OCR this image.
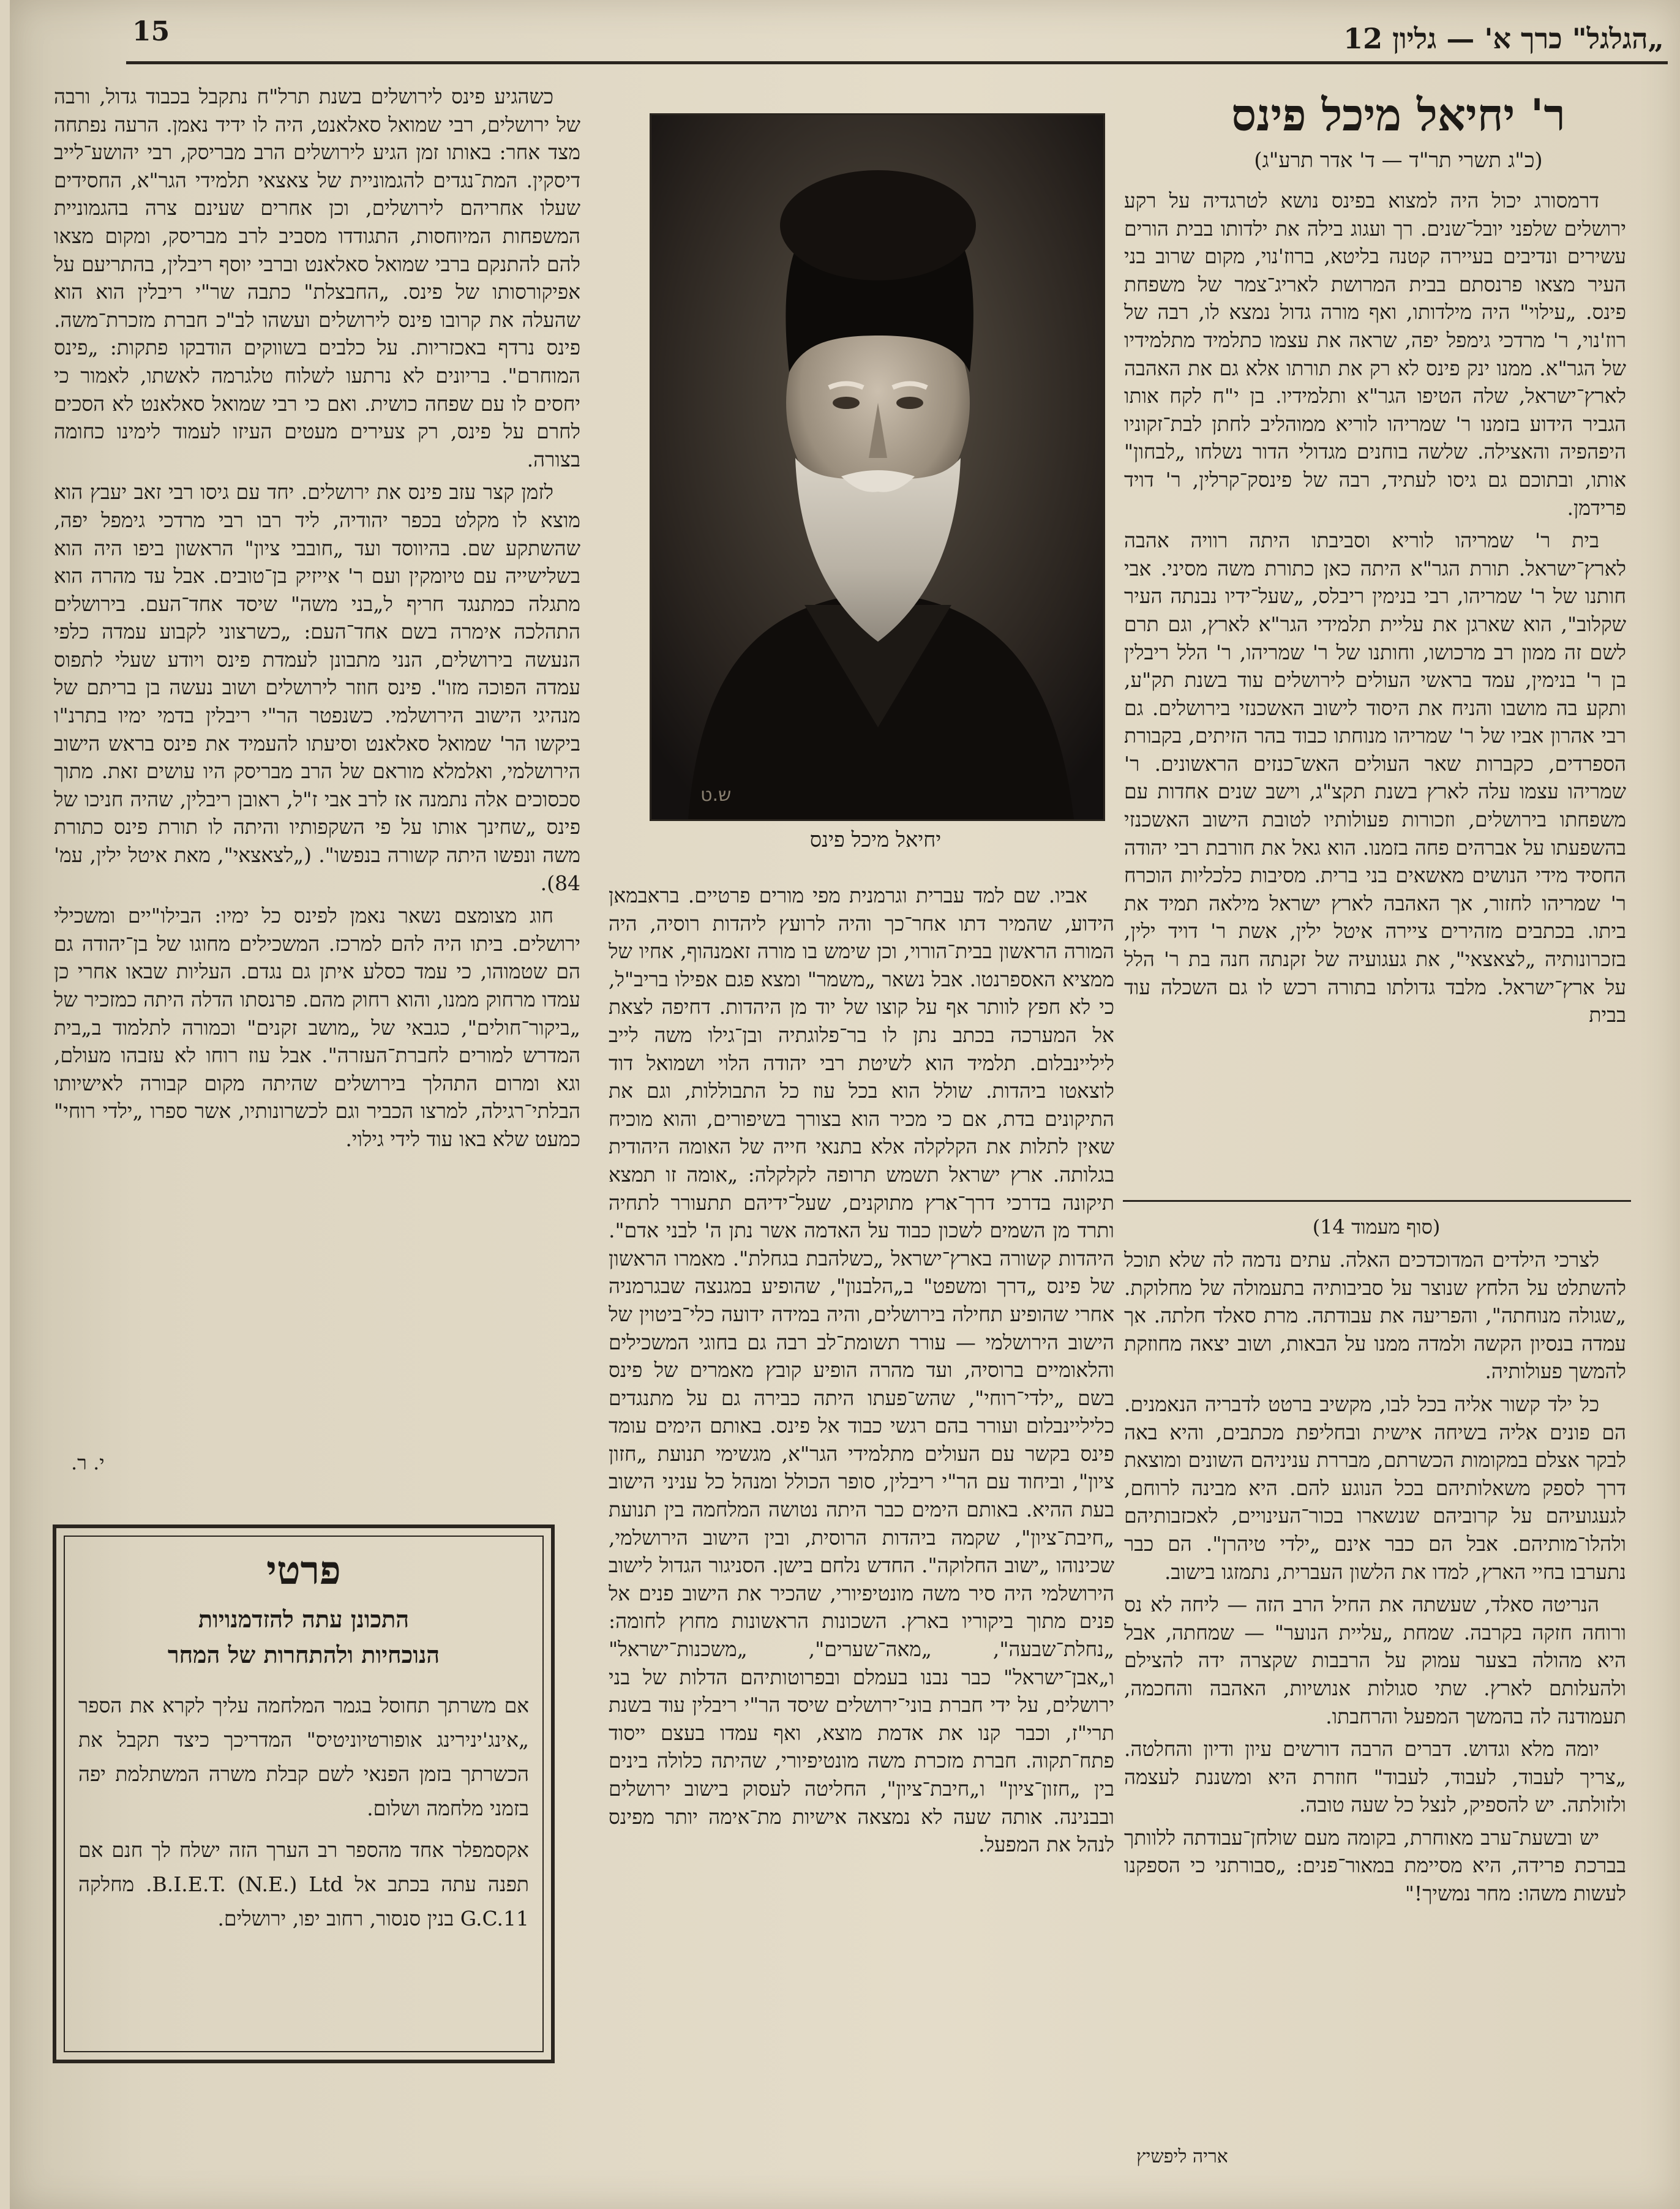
„הגלגל" כרך א' — גליון 12
15
ר' יחיאל מיכל פינס
(כ"ג תשרי תר"ד — ד' אדר תרע"ג)

דרמסורג יכול היה למצוא בפינס נושא לטרגדיה על רקע ירושלים שלפני יובל־שנים. רך ועגוג בילה את ילדותו בבית הורים עשירים ונדיבים בעיירה קטנה בליטא, ברוז'נוי, מקום שרוב בני העיר מצאו פרנסתם בבית המרושת לאריג־צמר של משפחת פינס. „עילוי" היה מילדותו, ואף מורה גדול נמצא לו, רבה של רוז'נוי, ר' מרדכי גימפל יפה, שראה את עצמו כתלמיד מתלמידיו של הגר"א. ממנו ינק פינס לא רק את תורתו אלא גם את האהבה לארץ־ישראל, שלה הטיפו הגר"א ותלמידיו. בן י"ח לקח אותו הגביר הידוע בזמנו ר' שמריהו לוריא ממוהליב לחתן לבת־זקוניו היפהפיה והאצילה. שלשה בוחנים מגדולי הדור נשלחו „לבחון" אותו, ובתוכם גם גיסו לעתיד, רבה של פינסק־קרלין, ר' דויד פרידמן.

בית ר' שמריהו לוריא וסביבתו היתה רוויה אהבה לארץ־ישראל. תורת הגר"א היתה כאן כתורת משה מסיני. אבי חותנו של ר' שמריהו, רבי בנימין ריבלס, „שעל־ידיו נבנתה העיר שקלוב", הוא שארגן את עליית תלמידי הגר"א לארץ, וגם תרם לשם זה ממון רב מרכושו, וחותנו של ר' שמריהו, ר' הלל ריבלין בן ר' בנימין, עמד בראשי העולים לירושלים עוד בשנת תק"ע, ותקע בה מושבו והניח את היסוד לישוב האשכנזי בירושלים. גם רבי אהרון אביו של ר' שמריהו מנוחתו כבוד בהר הזיתים, בקבורת הספרדים, כקברות שאר העולים האש־כנזים הראשונים. ר' שמריהו עצמו עלה לארץ בשנת תקצ"ג, וישב שנים אחדות עם משפחתו בירושלים, וזכורות פעולותיו לטובת הישוב האשכנזי בהשפעתו על אברהים פחה בזמנו. הוא גאל את חורבת רבי יהודה החסיד מידי הנושים מאשאים בני ברית. מסיבות כלכליות הוכרח ר' שמריהו לחזור, אך האהבה לארץ ישראל מילאה תמיד את ביתו. בכתבים מזהירים ציירה איטל ילין, אשת ר' דויד ילין, בזכרונותיה „לצאצאי", את געגועיה של זקנתה חנה בת ר' הלל על ארץ־ישראל. מלבד גדולתו בתורה רכש לו גם השכלה עוד בבית

(סוף מעמוד 14)

לצרכי הילדים המדוכדכים האלה. עתים נדמה לה שלא תוכל להשתלט על הלחץ שנוצר על סביבותיה בתעמולה של מחלוקת. „שגולה מנוחתה", והפריעה את עבודתה. מרת סאלד חלתה. אך עמדה בנסיון הקשה ולמדה ממנו על הבאות, ושוב יצאה מחוזקת להמשך פעולותיה.

כל ילד קשור אליה בכל לבו, מקשיב ברטט לדבריה הנאמנים. הם פונים אליה בשיחה אישית ובחליפת מכתבים, והיא באה לבקר אצלם במקומות הכשרתם, מבררת עניניהם השונים ומוצאת דרך לספק משאלותיהם בכל הנוגע להם. היא מבינה לרוחם, לגעגועיהם על קרוביהם שנשארו בכור־העינויים, לאכזבותיהם ולהלו־מותיהם. אבל הם כבר אינם „ילדי טיהרן". הם כבר נתערבו בחיי הארץ, למדו את הלשון העברית, נתמזגו בישוב.

הנריטה סאלד, שעשתה את החיל הרב הזה — ליחה לא נס ורוחה חזקה בקרבה. שמחת „עליית הנוער" — שמחתה, אבל היא מהולה בצער עמוק על הרבבות שקצרה ידה להצילם ולהעלותם לארץ. שתי סגולות אנושיות, האהבה והחכמה, תעמודנה לה בהמשך המפעל והרחבתו.

יומה מלא וגדוש. דברים הרבה דורשים עיון ודיון והחלטה. „צריך לעבוד, לעבוד, לעבוד" חוזרת היא ומשננת לעצמה ולזולתה. יש להספיק, לנצל כל שעה טובה.

יש ובשעת־ערב מאוחרת, בקומה מעם שולחן־עבודתה ללוותך בברכת פרידה, היא מסיימת במאור־פנים: „סבורתני כי הספקנו לעשות משהו: מחר נמשיך!"

אריה ליפשיץ
ש.ט
יחיאל מיכל פינס

אביו. שם למד עברית וגרמנית מפי מורים פרטיים. בראבמאן הידוע, שהמיר דתו אחר־כך והיה לרועץ ליהדות רוסיה, היה המורה הראשון בבית־הורוי, וכן שימש בו מורה זאמנהוף, אחיו של ממציא האספרנטו. אבל נשאר „משמר" ומצא פגם אפילו בריב"ל, כי לא חפץ לוותר אף על קוצו של יוד מן היהדות. דחיפה לצאת אל המערכה בכתב נתן לו בר־פלוגתיה ובן־גילו משה לייב ליליינבלום. תלמיד הוא לשיטת רבי יהודה הלוי ושמואל דוד לוצאטו ביהדות. שולל הוא בכל עוז כל התבוללות, וגם את התיקונים בדת, אם כי מכיר הוא בצורך בשיפורים, והוא מוכיח שאין לתלות את הקלקלה אלא בתנאי חייה של האומה היהודית בגלותה. ארץ ישראל תשמש תרופה לקלקלה: „אומה זו תמצא תיקונה בדרכי דרך־ארץ מתוקנים, שעל־ידיהם תתעורר לתחיה ותרד מן השמים לשכון כבוד על האדמה אשר נתן ה' לבני אדם". היהדות קשורה בארץ־ישראל „כשלהבת בגחלת". מאמרו הראשון של פינס „דרך ומשפט" ב„הלבנון", שהופיע במגנצה שבגרמניה אחרי שהופיע תחילה בירושלים, והיה במידה ידועה כלי־ביטוין של הישוב הירושלמי — עורר תשומת־לב רבה גם בחוגי המשכילים והלאומיים ברוסיה, ועד מהרה הופיע קובץ מאמרים של פינס בשם „ילדי־רוחי", שהש־פעתו היתה כבירה גם על מתנגדים כליליינבלום ועורר בהם רגשי כבוד אל פינס. באותם הימים עומד פינס בקשר עם העולים מתלמידי הגר"א, מגשימי תנועת „חזון ציון", וביחוד עם הר"י ריבלין, סופר הכולל ומנהל כל עניני הישוב בעת ההיא. באותם הימים כבר היתה נטושה המלחמה בין תנועת „חיבת־ציון", שקמה ביהדות הרוסית, ובין הישוב הירושלמי, שכינוהו „ישוב החלוקה". החדש נלחם בישן. הסניגור הגדול לישוב הירושלמי היה סיר משה מונטיפיורי, שהכיר את הישוב פנים אל פנים מתוך ביקוריו בארץ. השכונות הראשונות מחוץ לחומה: „נחלת־שבעה", „מאה־שערים", „משכנות־ישראל" ו„אבן־ישראל" כבר נבנו בעמלם ובפרוטותיהם הדלות של בני ירושלים, על ידי חברת בוני־ירושלים שיסד הר"י ריבלין עוד בשנת תרי"ז, וכבר קנו את אדמת מוצא, ואף עמדו בעצם ייסוד פתח־תקוה. חברת מזכרת משה מונטיפיורי, שהיתה כלולה בינים בין „חזון־ציון" ו„חיבת־ציון", החליטה לעסוק בישוב ירושלים ובבנינה. אותה שעה לא נמצאה אישיות מת־אימה יותר מפינס לנהל את המפעל.

כשהגיע פינס לירושלים בשנת תרל"ח נתקבל בכבוד גדול, ורבה של ירושלים, רבי שמואל סאלאנט, היה לו ידיד נאמן. הרעה נפתחה מצד אחר: באותו זמן הגיע לירושלים הרב מבריסק, רבי יהושע־לייב דיסקין. המת־נגדים להגמוניית של צאצאי תלמידי הגר"א, החסידים שעלו אחריהם לירושלים, וכן אחרים שעינם צרה בהגמוניית המשפחות המיוחסות, התגודדו מסביב לרב מבריסק, ומקום מצאו להם להתנקם ברבי שמואל סאלאנט וברבי יוסף ריבלין, בהתריעם על אפיקורסותו של פינס. „החבצלת" כתבה שר"י ריבלין הוא הוא שהעלה את קרובו פינס לירושלים ועשהו לב"כ חברת מזכרת־משה. פינס נרדף באכזריות. על כלבים בשווקים הודבקו פתקות: „פינס המוחרם". בריונים לא נרתעו לשלוח טלגרמה לאשתו, לאמור כי יחסים לו עם שפחה כושית. ואם כי רבי שמואל סאלאנט לא הסכים לחרם על פינס, רק צעירים מעטים העיזו לעמוד לימינו כחומה בצורה.

לזמן קצר עזב פינס את ירושלים. יחד עם גיסו רבי זאב יעבץ הוא מוצא לו מקלט בכפר יהודיה, ליד רבו רבי מרדכי גימפל יפה, שהשתקע שם. בהיווסד ועד „חובבי ציון" הראשון ביפו היה הוא בשלישייה עם טיומקין ועם ר' אייזיק בן־טובים. אבל עד מהרה הוא מתגלה כמתנגד חריף ל„בני משה" שיסד אחד־העם. בירושלים התהלכה אימרה בשם אחד־העם: „כשרצוני לקבוע עמדה כלפי הנעשה בירושלים, הנני מתבונן לעמדת פינס ויודע שעלי לתפוס עמדה הפוכה מזו". פינס חוזר לירושלים ושוב נעשה בן בריתם של מנהיגי הישוב הירושלמי. כשנפטר הר"י ריבלין בדמי ימיו בתרנ"ו ביקשו הר' שמואל סאלאנט וסיעתו להעמיד את פינס בראש הישוב הירושלמי, ואלמלא מוראם של הרב מבריסק היו עושים זאת. מתוך סכסוכים אלה נתמנה אז לרב אבי ז"ל, ראובן ריבלין, שהיה חניכו של פינס „שחינך אותו על פי השקפותיו והיתה לו תורת פינס כתורת משה ונפשו היתה קשורה בנפשו". („לצאצאי", מאת איטל ילין, עמ' 84).

חוג מצומצם נשאר נאמן לפינס כל ימיו: הבילו"יים ומשכילי ירושלים. ביתו היה להם למרכז. המשכילים מחוגו של בן־יהודה גם הם שטמוהו, כי עמד כסלע איתן גם נגדם. העליות שבאו אחרי כן עמדו מרחוק ממנו, והוא רחוק מהם. פרנסתו הדלה היתה כמזכיר של „ביקור־חולים", כגבאי של „מושב זקנים" וכמורה לתלמוד ב„בית המדרש למורים לחברת־העזרה". אבל עוז רוחו לא עזבהו מעולם, וגא ומרום התהלך בירושלים שהיתה מקום קבורה לאישיותו הבלתי־רגילה, למרצו הכביר וגם לכשרונותיו, אשר ספרו „ילדי רוחי" כמעט שלא באו עוד לידי גילוי.

י. ר.
פרטי
התכונן עתה להזדמנויות
הנוכחיות ולהתחרות של המחר

אם משרתך תחוסל בגמר המלחמה עליך לקרא את הספר „אינג'ינירינג אופורטיוניטיס" המדריכך כיצד תקבל את הכשרתך בזמן הפנאי לשם קבלת משרה המשתלמת יפה בזמני מלחמה ושלום.

אקסמפלר אחד מהספר רב הערך הזה ישלח לך חנם אם תפנה עתה בכתב אל B.I.E.T. (N.E.) Ltd. מחלקה G.C.11 בנין סנסור, רחוב יפו, ירושלים.
